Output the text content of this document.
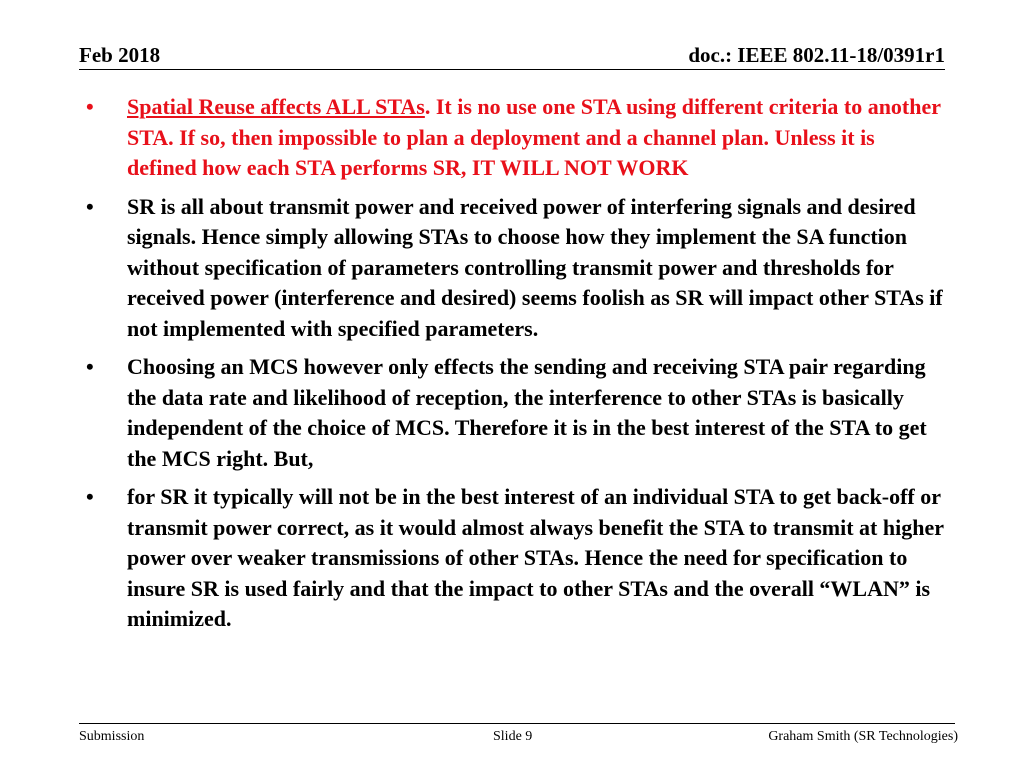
Feb 2018	doc.: IEEE 802.11-18/0391r1
•	Spatial Reuse affects ALL STAs. It is no use one STA using different criteria to another STA. If so, then impossible to plan a deployment and a channel plan. Unless it is defined how each STA performs SR, IT WILL NOT WORK
•	SR is all about transmit power and received power of interfering signals and desired signals. Hence simply allowing STAs to choose how they implement the SA function without specification of parameters controlling transmit power and thresholds for received power (interference and desired) seems foolish as SR will impact other STAs if not implemented with specified parameters.
•	Choosing an MCS however only effects the sending and receiving STA pair regarding the data rate and likelihood of reception, the interference to other STAs is basically independent of the choice of MCS. Therefore it is in the best interest of the STA to get the MCS right. But,
•	for SR it typically will not be in the best interest of an individual STA to get back-off or transmit power correct, as it would almost always benefit the STA to transmit at higher power over weaker transmissions of other STAs. Hence the need for specification to insure SR is used fairly and that the impact to other STAs and the overall “WLAN” is minimized.
Submission	Slide 9	Graham Smith (SR Technologies)
